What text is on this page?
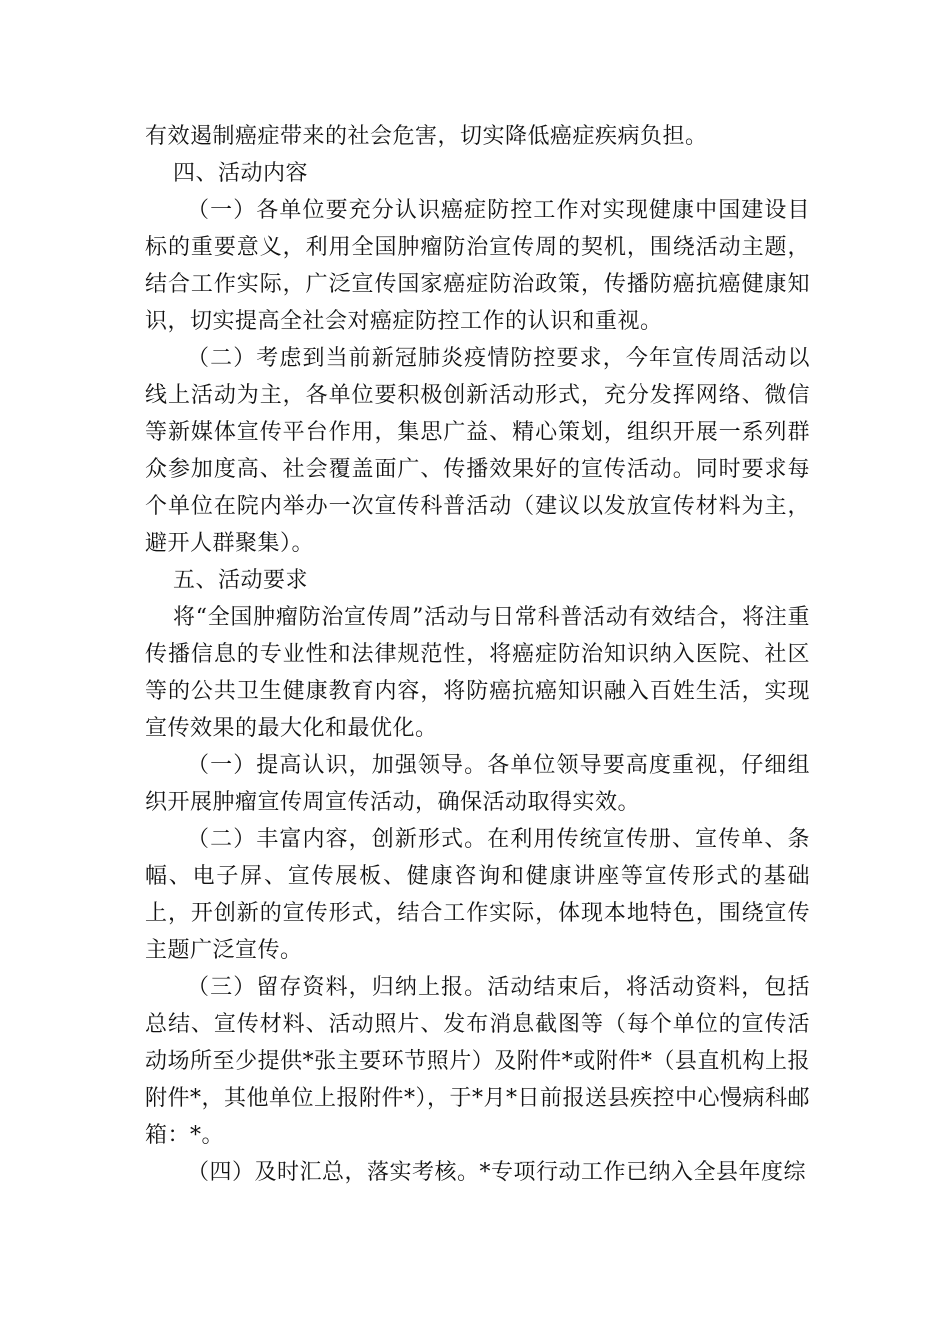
有效遏制癌症带来的社会危害，切实降低癌症疾病负担。

四、活动内容

（一）各单位要充分认识癌症防控工作对实现健康中国建设目标的重要意义，利用全国肿瘤防治宣传周的契机，围绕活动主题，结合工作实际，广泛宣传国家癌症防治政策，传播防癌抗癌健康知识，切实提高全社会对癌症防控工作的认识和重视。

（二）考虑到当前新冠肺炎疫情防控要求，今年宣传周活动以线上活动为主，各单位要积极创新活动形式，充分发挥网络、微信等新媒体宣传平台作用，集思广益、精心策划，组织开展一系列群众参加度高、社会覆盖面广、传播效果好的宣传活动。同时要求每个单位在院内举办一次宣传科普活动（建议以发放宣传材料为主，避开人群聚集）。

五、活动要求

将“全国肿瘤防治宣传周”活动与日常科普活动有效结合，将注重传播信息的专业性和法律规范性，将癌症防治知识纳入医院、社区等的公共卫生健康教育内容，将防癌抗癌知识融入百姓生活，实现宣传效果的最大化和最优化。

（一）提高认识，加强领导。各单位领导要高度重视，仔细组织开展肿瘤宣传周宣传活动，确保活动取得实效。

（二）丰富内容，创新形式。在利用传统宣传册、宣传单、条幅、电子屏、宣传展板、健康咨询和健康讲座等宣传形式的基础上，开创新的宣传形式，结合工作实际，体现本地特色，围绕宣传主题广泛宣传。

（三）留存资料，归纳上报。活动结束后，将活动资料，包括总结、宣传材料、活动照片、发布消息截图等（每个单位的宣传活动场所至少提供*张主要环节照片）及附件*或附件*（县直机构上报附件*，其他单位上报附件*），于*月*日前报送县疾控中心慢病科邮箱：*。

（四）及时汇总，落实考核。*专项行动工作已纳入全县年度综
